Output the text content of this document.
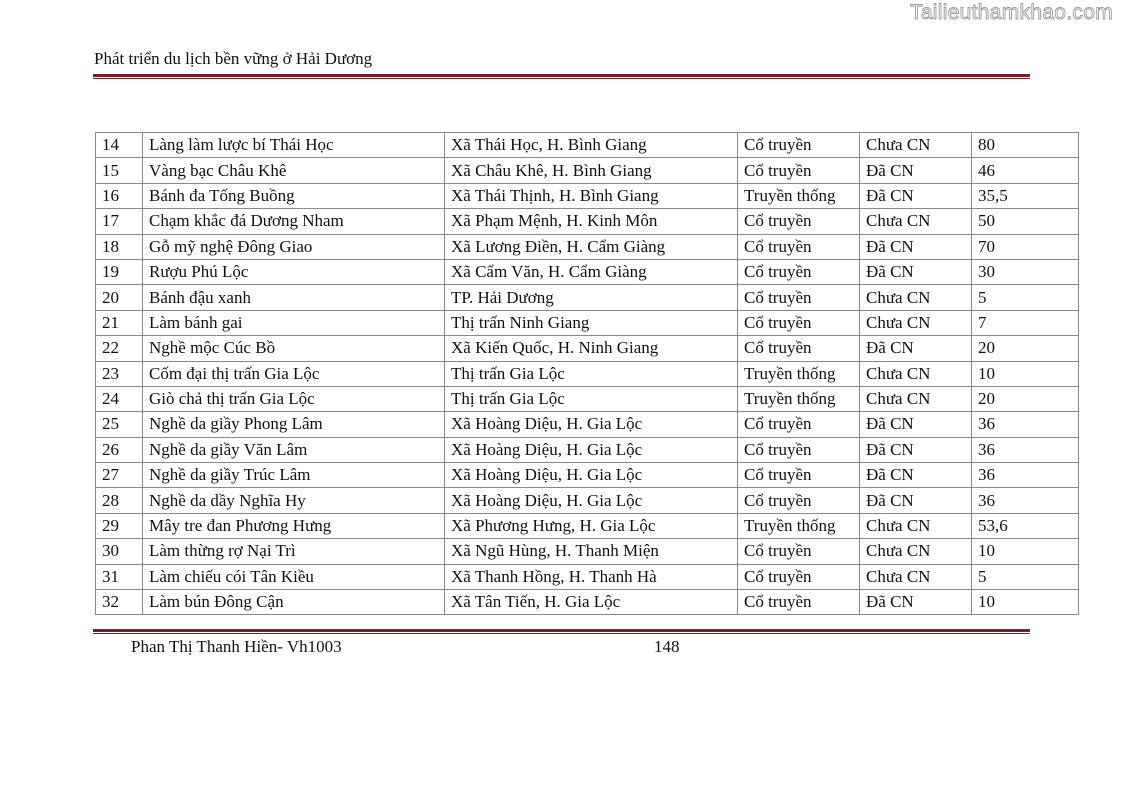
Tailieuthamkhao.com
Phát triển du lịch bền vững ở Hải Dương
14	Làng làm lược bí Thái Học	Xã Thái Học, H. Bình Giang	Cổ truyền	Chưa CN	80
15	Vàng bạc Châu Khê	Xã Châu Khê, H. Bình Giang	Cổ truyền	Đã CN	46
16	Bánh đa Tống Buồng	Xã Thái Thịnh, H. Bình Giang	Truyền thống	Đã CN	35,5
17	Chạm khắc đá Dương Nham	Xã Phạm Mệnh, H. Kinh Môn	Cổ truyền	Chưa CN	50
18	Gỗ mỹ nghệ Đông Giao	Xã Lương Điền, H. Cẩm Giàng	Cổ truyền	Đã CN	70
19	Rượu Phú Lộc	Xã Cẩm Văn, H. Cẩm Giàng	Cổ truyền	Đã CN	30
20	Bánh đậu xanh	TP. Hải Dương	Cổ truyền	Chưa CN	5
21	Làm bánh gai	Thị trấn Ninh Giang	Cổ truyền	Chưa CN	7
22	Nghề mộc Cúc Bồ	Xã Kiến Quốc, H. Ninh Giang	Cổ truyền	Đã CN	20
23	Cốm đại thị trấn Gia Lộc	Thị trấn Gia Lộc	Truyền thống	Chưa CN	10
24	Giò chả thị trấn Gia Lộc	Thị trấn Gia Lộc	Truyền thống	Chưa CN	20
25	Nghề da giầy Phong Lâm	Xã Hoàng Diệu, H. Gia Lộc	Cổ truyền	Đã CN	36
26	Nghề da giầy Văn Lâm	Xã Hoàng Diệu, H. Gia Lộc	Cổ truyền	Đã CN	36
27	Nghề da giầy Trúc Lâm	Xã Hoàng Diệu, H. Gia Lộc	Cổ truyền	Đã CN	36
28	Nghề da dầy Nghĩa Hy	Xã Hoàng Diệu, H. Gia Lộc	Cổ truyền	Đã CN	36
29	Mây tre đan Phương Hưng	Xã Phương Hưng, H. Gia Lộc	Truyền thống	Chưa CN	53,6
30	Làm thừng rợ Nại Trì	Xã Ngũ Hùng, H. Thanh Miện	Cổ truyền	Chưa CN	10
31	Làm chiếu cói Tân Kiều	Xã Thanh Hồng, H. Thanh Hà	Cổ truyền	Chưa CN	5
32	Làm bún Đông Cận	Xã Tân Tiến, H. Gia Lộc	Cổ truyền	Đã CN	10
Phan Thị Thanh Hiền- Vh1003	148
